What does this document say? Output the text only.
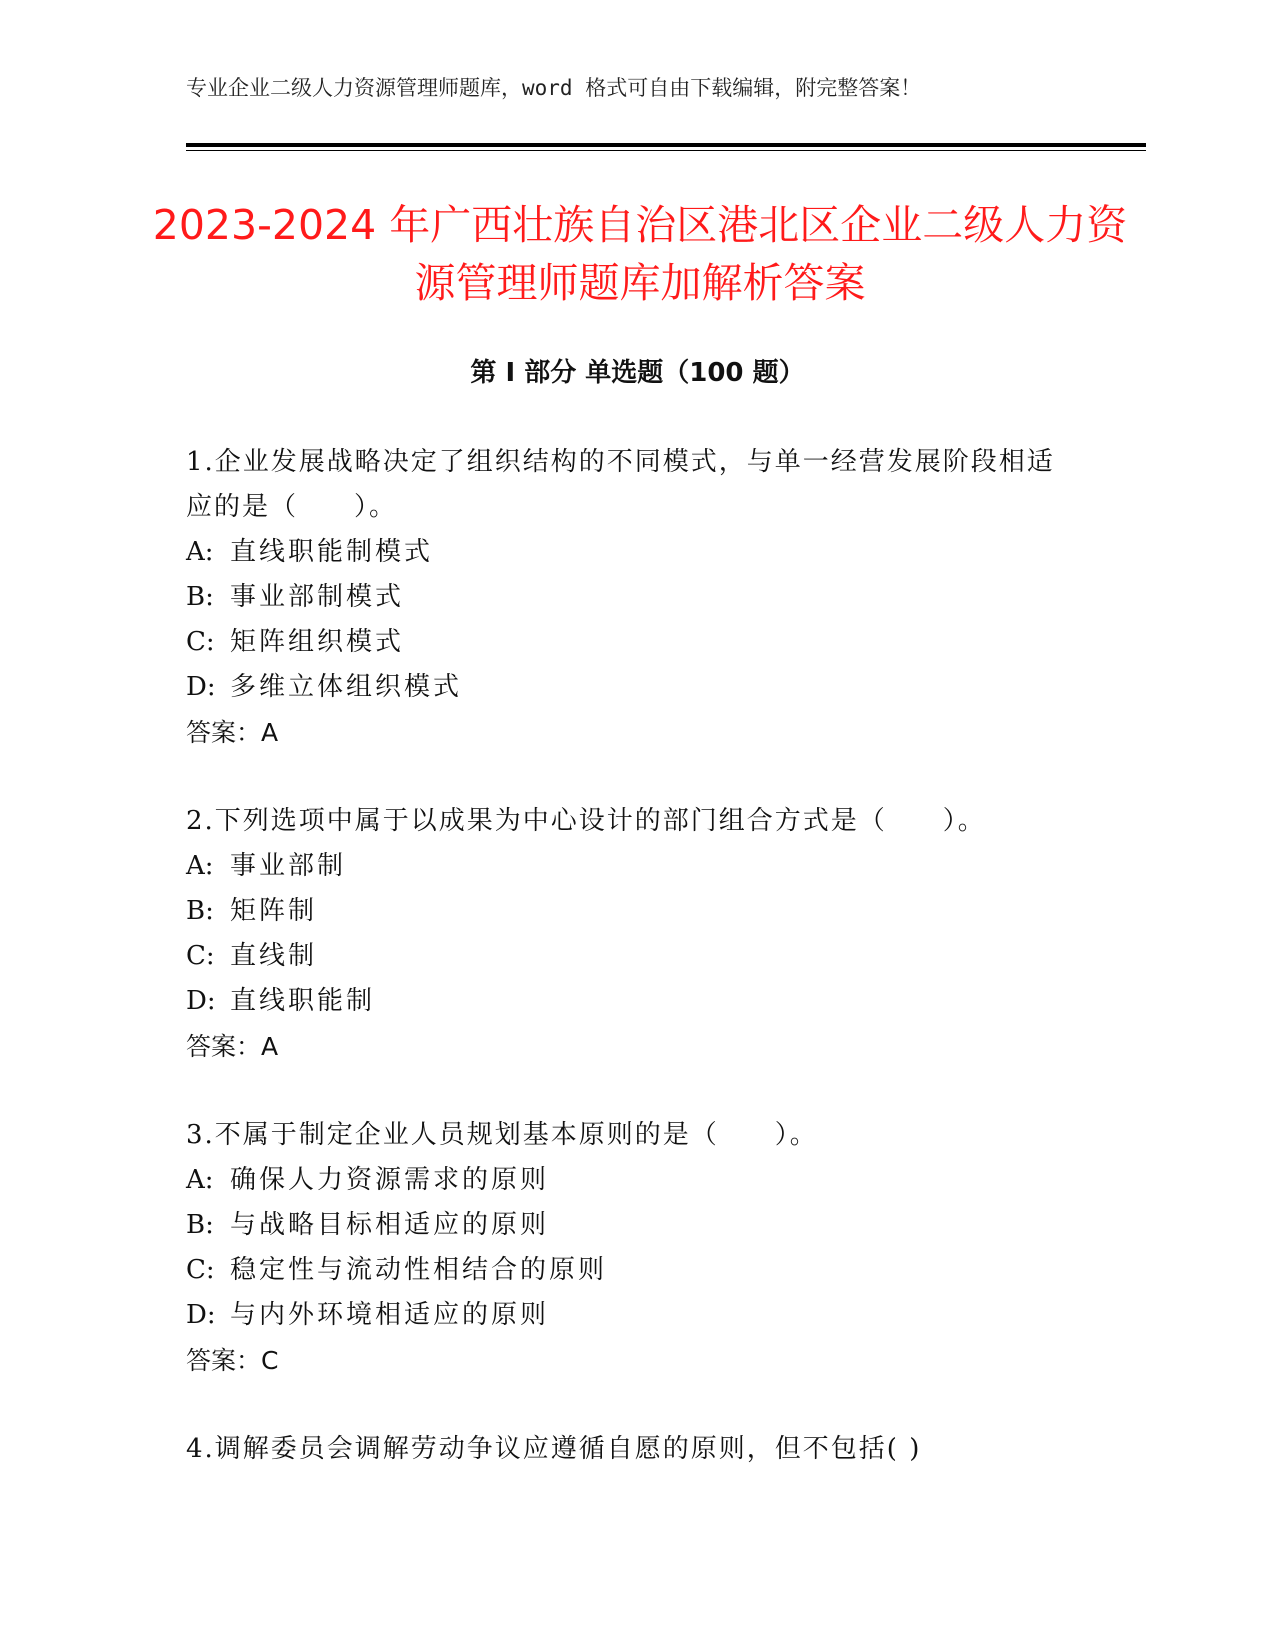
专业企业二级人力资源管理师题库，word 格式可自由下载编辑，附完整答案！
2023-2024 年广西壮族自治区港北区企业二级人力资源管理师题库加解析答案
第 I 部分 单选题（100 题）
1.企业发展战略决定了组织结构的不同模式，与单一经营发展阶段相适应的是（　　）。
A: 直线职能制模式
B: 事业部制模式
C: 矩阵组织模式
D: 多维立体组织模式
答案：A
2.下列选项中属于以成果为中心设计的部门组合方式是（　　）。
A: 事业部制
B: 矩阵制
C: 直线制
D: 直线职能制
答案：A
3.不属于制定企业人员规划基本原则的是（　　）。
A: 确保人力资源需求的原则
B: 与战略目标相适应的原则
C: 稳定性与流动性相结合的原则
D: 与内外环境相适应的原则
答案：C
4.调解委员会调解劳动争议应遵循自愿的原则，但不包括( )
